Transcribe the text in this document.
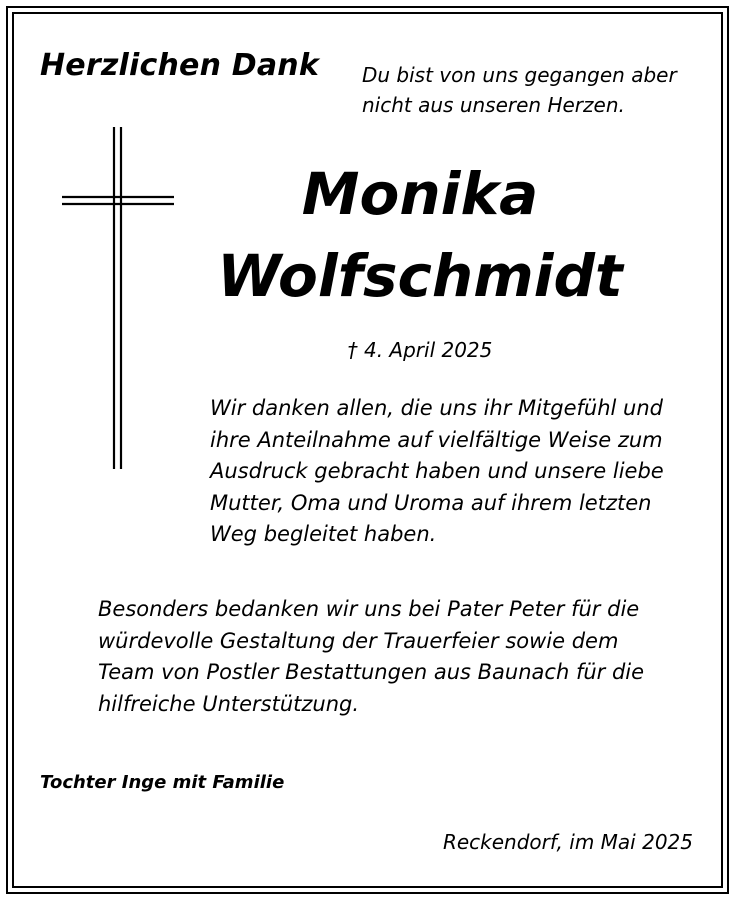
Herzlichen Dank Du bist von uns gegangen aber
nicht aus unseren Herzen.
Monika
Wolfschmidt
† 4. April 2025
Wir danken allen, die uns ihr Mitgefühl und
ihre Anteilnahme auf vielfältige Weise zum
Ausdruck gebracht haben und unsere liebe
Mutter, Oma und Uroma auf ihrem letzten
Weg begleitet haben.
Besonders bedanken wir uns bei Pater Peter für die
würdevolle Gestaltung der Trauerfeier sowie dem
Team von Postler Bestattungen aus Baunach für die
hilfreiche Unterstützung.
Tochter Inge mit Familie
Reckendorf, im Mai 2025
